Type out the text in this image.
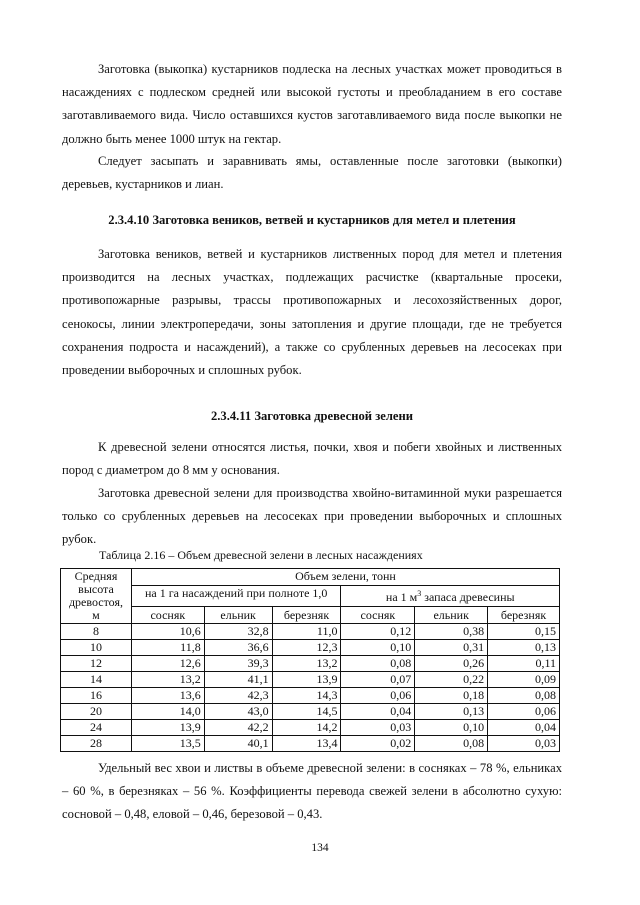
Заготовка (выкопка) кустарников подлеска на лесных участках может проводиться в насаждениях с подлеском средней или высокой густоты и преобладанием в его составе заготавливаемого вида. Число оставшихся кустов заготавливаемого вида после выкопки не должно быть менее 1000 штук на гектар.

Следует засыпать и заравнивать ямы, оставленные после заготовки (выкопки) деревьев, кустарников и лиан.

2.3.4.10 Заготовка веников, ветвей и кустарников для метел и плетения

Заготовка веников, ветвей и кустарников лиственных пород для метел и плетения производится на лесных участках, подлежащих расчистке (квартальные просеки, противопожарные разрывы, трассы противопожарных и лесохозяйственных дорог, сенокосы, линии электропередачи, зоны затопления и другие площади, где не требуется сохранения подроста и насаждений), а также со срубленных деревьев на лесосеках при проведении выборочных и сплошных рубок.

2.3.4.11 Заготовка древесной зелени

К древесной зелени относятся листья, почки, хвоя и побеги хвойных и лиственных пород с диаметром до 8 мм у основания.

Заготовка древесной зелени для производства хвойно-витаминной муки разрешается только со срубленных деревьев на лесосеках при проведении выборочных и сплошных рубок.

Таблица 2.16 – Объем древесной зелени в лесных насаждениях

Средняя высота древостоя, м	Объем зелени, тонн					
	на 1 га насаждений при полноте 1,0			на 1 $м^3$ запаса древесины		
	сосняк	ельник	березняк	сосняк	ельник	березняк
8	10,6	32,8	11,0	0,12	0,38	0,15
10	11,8	36,6	12,3	0,10	0,31	0,13
12	12,6	39,3	13,2	0,08	0,26	0,11
14	13,2	41,1	13,9	0,07	0,22	0,09
16	13,6	42,3	14,3	0,06	0,18	0,08
20	14,0	43,0	14,5	0,04	0,13	0,06
24	13,9	42,2	14,2	0,03	0,10	0,04
28	13,5	40,1	13,4	0,02	0,08	0,03

Удельный вес хвои и листвы в объеме древесной зелени: в сосняках – 78 %, ельниках – 60 %, в березняках – 56 %. Коэффициенты перевода свежей зелени в абсолютно сухую: сосновой – 0,48, еловой – 0,46, березовой – 0,43.

134
